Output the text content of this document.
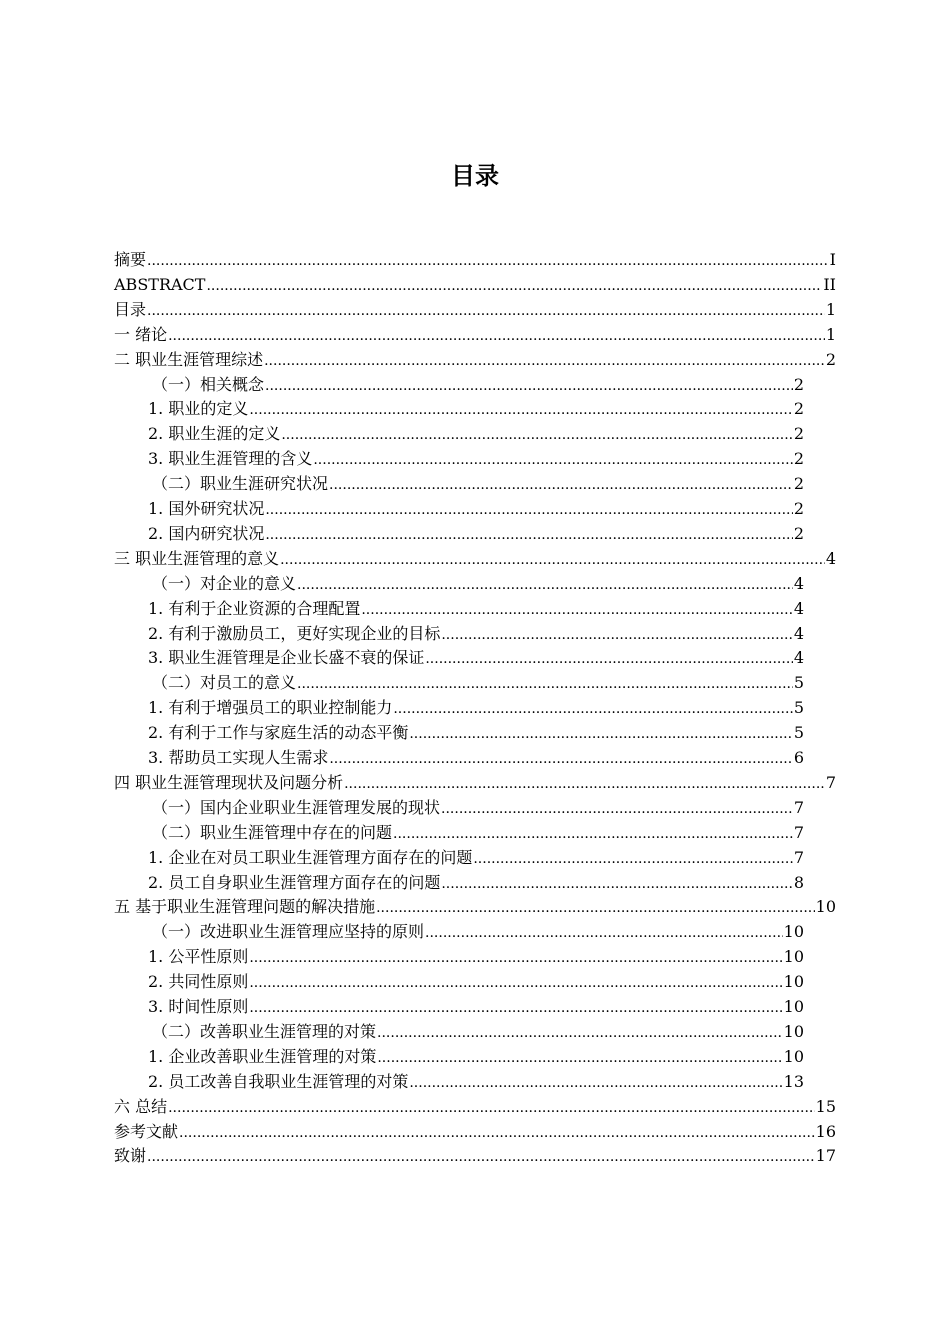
目录
摘要 .....	I
ABSTRACT .....	II
目录 .....	1
一 绪论 .....	1
二 职业生涯管理综述 .....	2
（一）相关概念 .....	2
1. 职业的定义 .....	2
2. 职业生涯的定义 .....	2
3. 职业生涯管理的含义 .....	2
（二）职业生涯研究状况 .....	2
1. 国外研究状况 .....	2
2. 国内研究状况 .....	2
三 职业生涯管理的意义 .....	4
（一）对企业的意义 .....	4
1. 有利于企业资源的合理配置 .....	4
2. 有利于激励员工，更好实现企业的目标 .....	4
3. 职业生涯管理是企业长盛不衰的保证 .....	4
（二）对员工的意义 .....	5
1. 有利于增强员工的职业控制能力 .....	5
2. 有利于工作与家庭生活的动态平衡 .....	5
3. 帮助员工实现人生需求 .....	6
四 职业生涯管理现状及问题分析 .....	7
（一）国内企业职业生涯管理发展的现状 .....	7
（二）职业生涯管理中存在的问题 .....	7
1. 企业在对员工职业生涯管理方面存在的问题 .....	7
2. 员工自身职业生涯管理方面存在的问题 .....	8
五 基于职业生涯管理问题的解决措施 .....	10
（一）改进职业生涯管理应坚持的原则 .....	10
1. 公平性原则 .....	10
2. 共同性原则 .....	10
3. 时间性原则 .....	10
（二）改善职业生涯管理的对策 .....	10
1. 企业改善职业生涯管理的对策 .....	10
2. 员工改善自我职业生涯管理的对策 .....	13
六 总结 .....	15
参考文献 .....	16
致谢 .....	17
